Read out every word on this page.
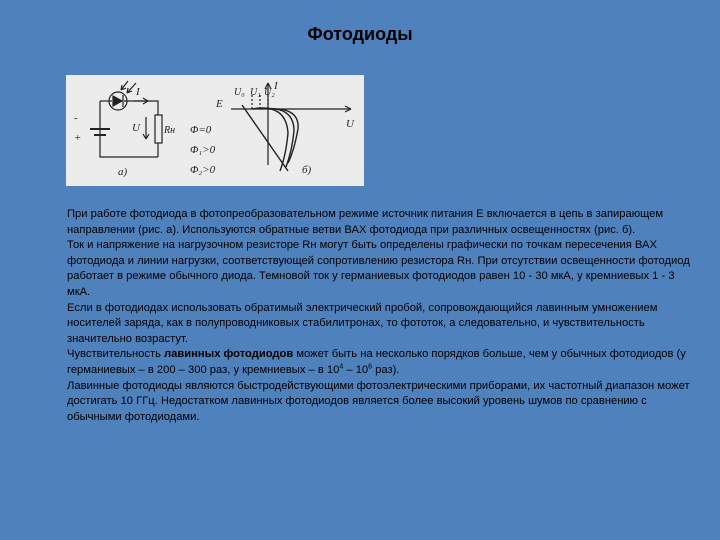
Фотодиоды
-
+
I
U Rн
а)
E
U₀ U₁ U₂
I
U
Φ=0
Φ₁>0
Φ₂>0	б)

При работе фотодиода в фотопреобразовательном режиме источник питания E включается в цепь в запирающем направлении (рис. а). Используются обратные ветви ВАХ фотодиода при различных освещенностях (рис. б).

Ток и напряжение на нагрузочном резисторе Rн могут быть определены графически по точкам пересечения ВАХ фотодиода и линии нагрузки, соответствующей сопротивлению резистора Rн. При отсутствии освещенности фотодиод работает в режиме обычного диода. Темновой ток у германиевых фотодиодов равен 10 - 30 мкА, у кремниевых 1 - 3 мкА.

Если в фотодиодах использовать обратимый электрический пробой, сопровождающийся лавинным умножением носителей заряда, как в полупроводниковых стабилитронах, то фототок, а следовательно, и чувствительность значительно возрастут.

Чувствительность лавинных фотодиодов может быть на несколько порядков больше, чем у обычных фотодиодов (у германиевых – в 200 – 300 раз, у кремниевых – в $10^4 - 10^6$ раз).

Лавинные фотодиоды являются быстродействующими фотоэлектрическими приборами, их частотный диапазон может достигать 10 ГГц. Недостатком лавинных фотодиодов является более высокий уровень шумов по сравнению с обычными фотодиодами.
